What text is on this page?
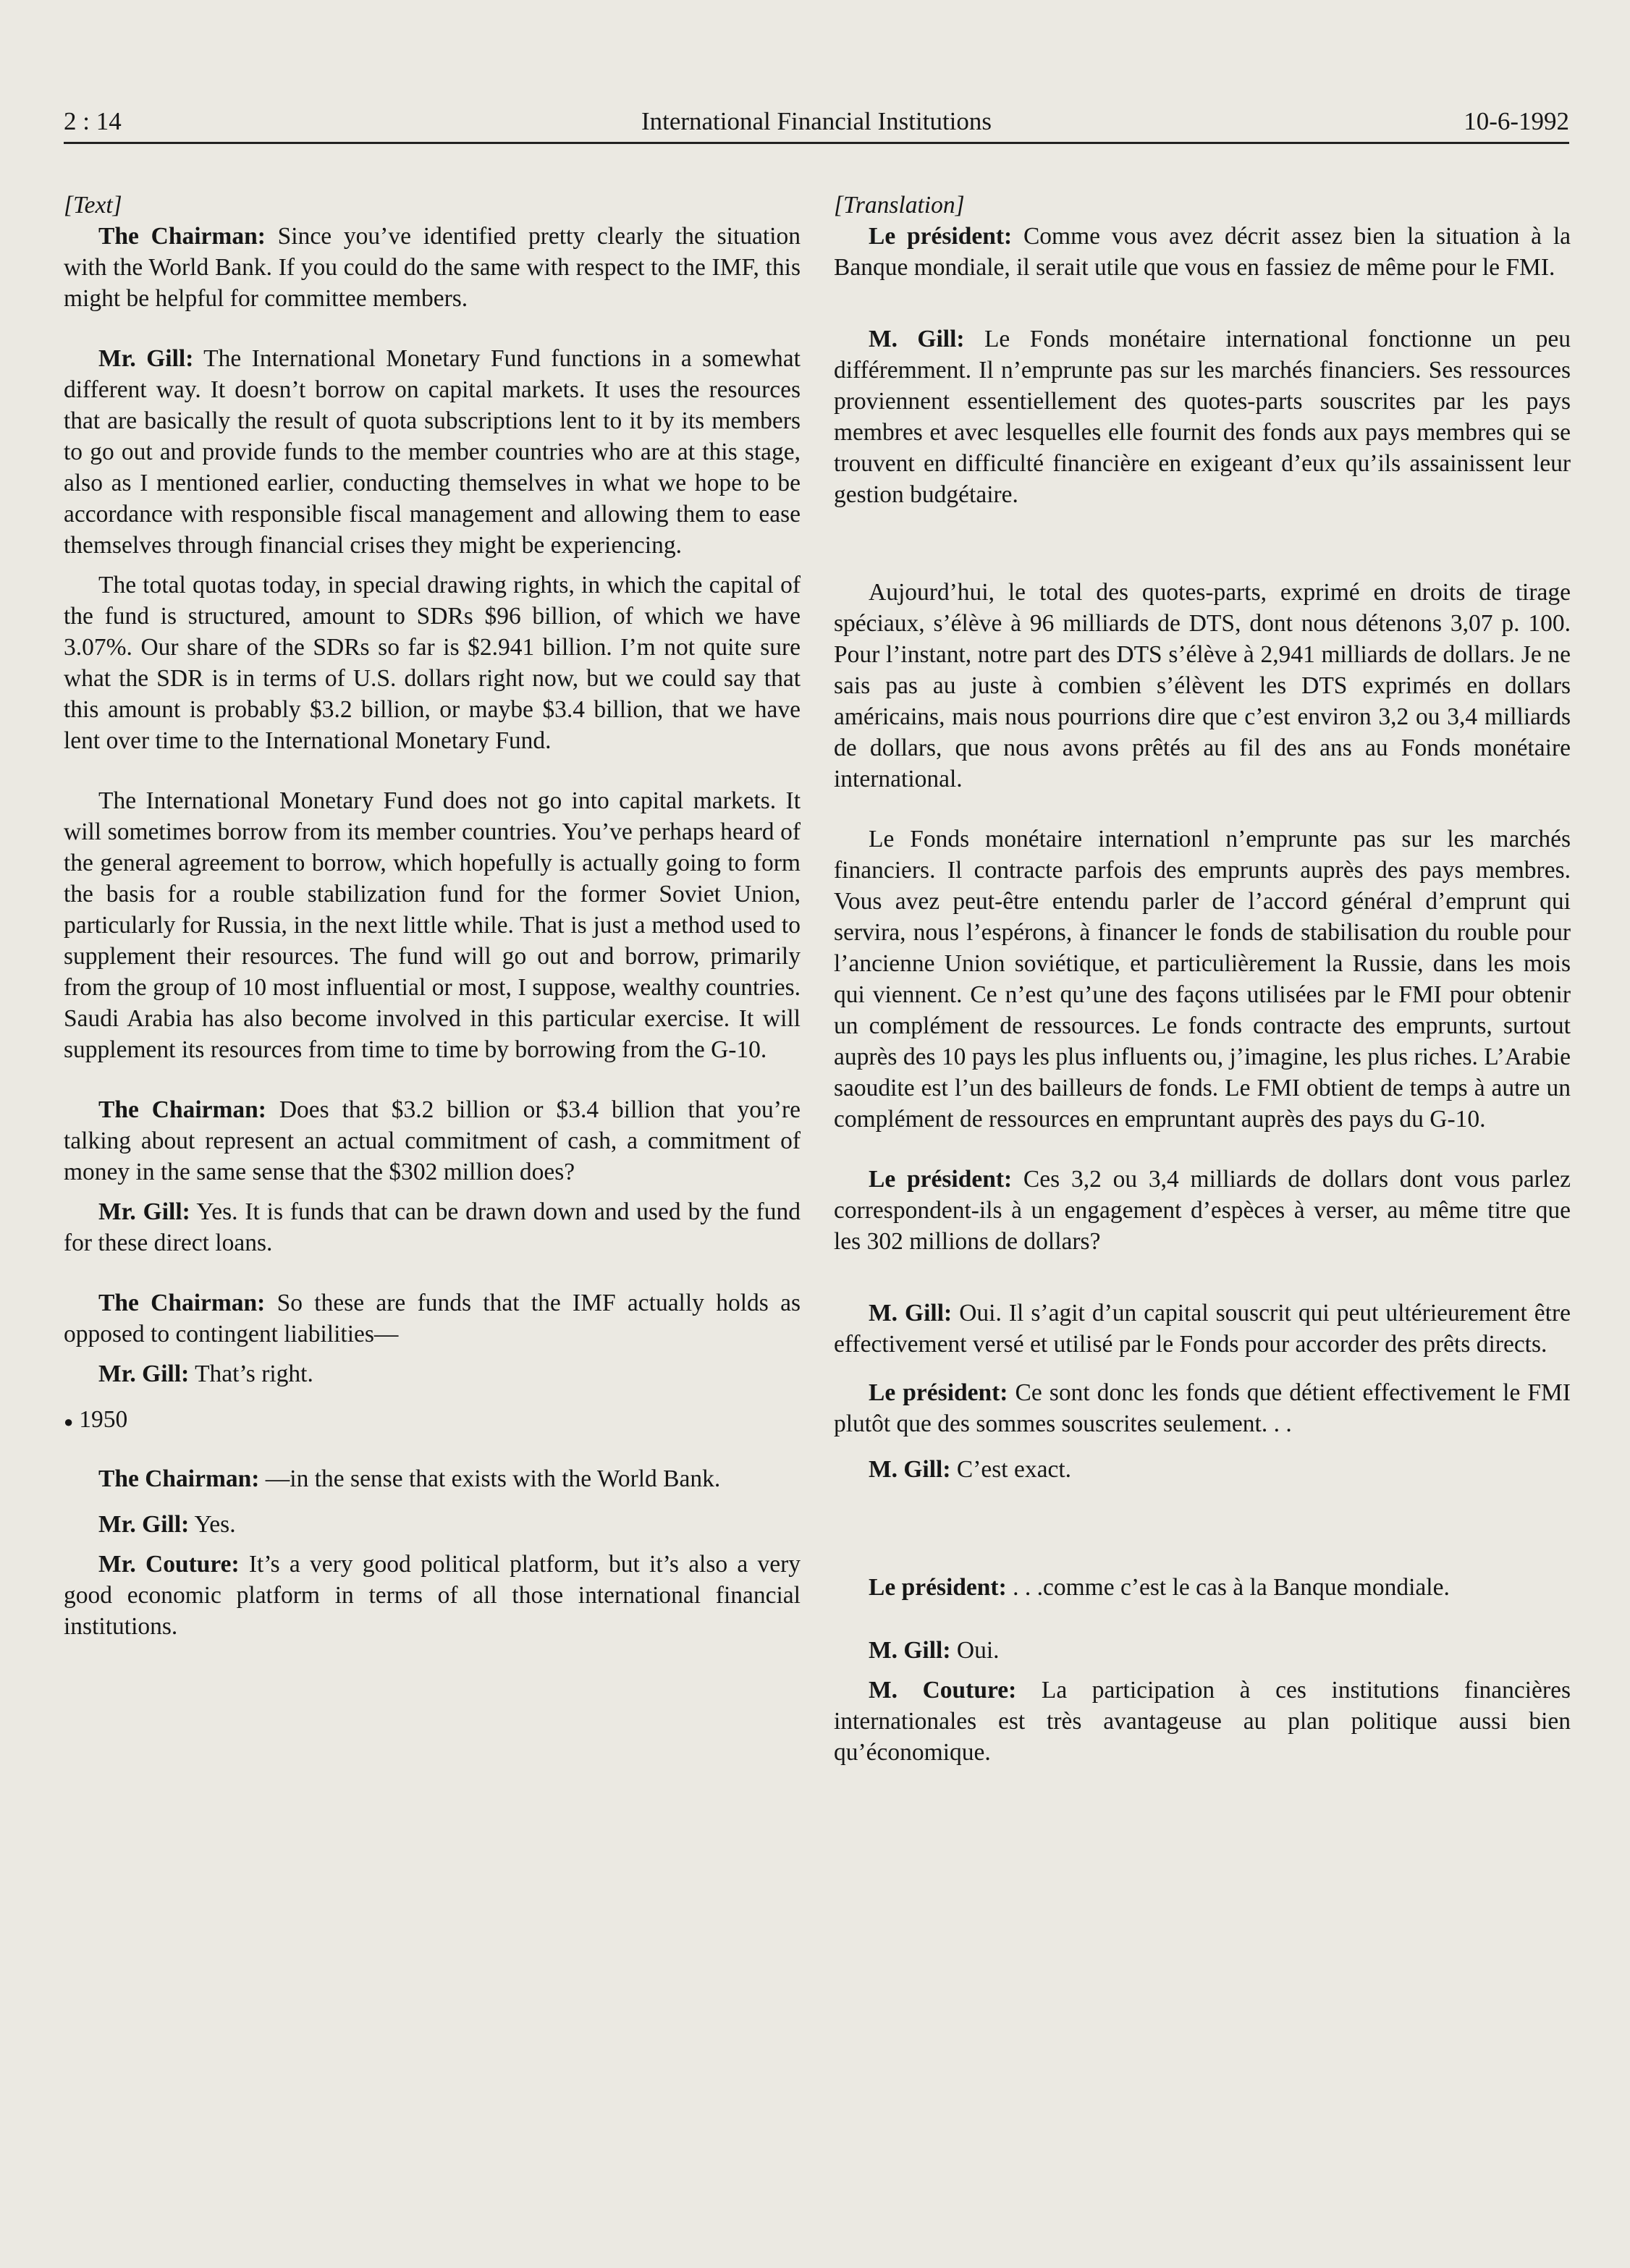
2 : 14	International Financial Institutions	10-6-1992

[Text]

The Chairman: Since you’ve identified pretty clearly the situation with the World Bank. If you could do the same with respect to the IMF, this might be helpful for committee members.

Mr. Gill: The International Monetary Fund functions in a somewhat different way. It doesn’t borrow on capital markets. It uses the resources that are basically the result of quota subscriptions lent to it by its members to go out and provide funds to the member countries who are at this stage, also as I mentioned earlier, conducting themselves in what we hope to be accordance with responsible fiscal management and allowing them to ease themselves through financial crises they might be experiencing.

The total quotas today, in special drawing rights, in which the capital of the fund is structured, amount to SDRs $96 billion, of which we have 3.07%. Our share of the SDRs so far is $2.941 billion. I’m not quite sure what the SDR is in terms of U.S. dollars right now, but we could say that this amount is probably $3.2 billion, or maybe $3.4 billion, that we have lent over time to the International Monetary Fund.

The International Monetary Fund does not go into capital markets. It will sometimes borrow from its member countries. You’ve perhaps heard of the general agreement to borrow, which hopefully is actually going to form the basis for a rouble stabilization fund for the former Soviet Union, particularly for Russia, in the next little while. That is just a method used to supplement their resources. The fund will go out and borrow, primarily from the group of 10 most influential or most, I suppose, wealthy countries. Saudi Arabia has also become involved in this particular exercise. It will supplement its resources from time to time by borrowing from the G-10.

The Chairman: Does that $3.2 billion or $3.4 billion that you’re talking about represent an actual commitment of cash, a commitment of money in the same sense that the $302 million does?

Mr. Gill: Yes. It is funds that can be drawn down and used by the fund for these direct loans.

The Chairman: So these are funds that the IMF actually holds as opposed to contingent liabilities—

Mr. Gill: That’s right.

● 1950

The Chairman: —in the sense that exists with the World Bank.

Mr. Gill: Yes.

Mr. Couture: It’s a very good political platform, but it’s also a very good economic platform in terms of all those international financial institutions.

[Translation]

Le président: Comme vous avez décrit assez bien la situation à la Banque mondiale, il serait utile que vous en fassiez de même pour le FMI.

M. Gill: Le Fonds monétaire international fonctionne un peu différemment. Il n’emprunte pas sur les marchés financiers. Ses ressources proviennent essentiellement des quotes-parts souscrites par les pays membres et avec lesquelles elle fournit des fonds aux pays membres qui se trouvent en difficulté financière en exigeant d’eux qu’ils assainissent leur gestion budgétaire.

Aujourd’hui, le total des quotes-parts, exprimé en droits de tirage spéciaux, s’élève à 96 milliards de DTS, dont nous détenons 3,07 p. 100. Pour l’instant, notre part des DTS s’élève à 2,941 milliards de dollars. Je ne sais pas au juste à combien s’élèvent les DTS exprimés en dollars américains, mais nous pourrions dire que c’est environ 3,2 ou 3,4 milliards de dollars, que nous avons prêtés au fil des ans au Fonds monétaire international.

Le Fonds monétaire internationl n’emprunte pas sur les marchés financiers. Il contracte parfois des emprunts auprès des pays membres. Vous avez peut-être entendu parler de l’accord général d’emprunt qui servira, nous l’espérons, à financer le fonds de stabilisation du rouble pour l’ancienne Union soviétique, et particulièrement la Russie, dans les mois qui viennent. Ce n’est qu’une des façons utilisées par le FMI pour obtenir un complément de ressources. Le fonds contracte des emprunts, surtout auprès des 10 pays les plus influents ou, j’imagine, les plus riches. L’Arabie saoudite est l’un des bailleurs de fonds. Le FMI obtient de temps à autre un complément de ressources en empruntant auprès des pays du G-10.

Le président: Ces 3,2 ou 3,4 milliards de dollars dont vous parlez correspondent-ils à un engagement d’espèces à verser, au même titre que les 302 millions de dollars?

M. Gill: Oui. Il s’agit d’un capital souscrit qui peut ultérieurement être effectivement versé et utilisé par le Fonds pour accorder des prêts directs.

Le président: Ce sont donc les fonds que détient effectivement le FMI plutôt que des sommes souscrites seulement. . .

M. Gill: C’est exact.

Le président: . . .comme c’est le cas à la Banque mondiale.

M. Gill: Oui.

M. Couture: La participation à ces institutions financières internationales est très avantageuse au plan politique aussi bien qu’économique.
